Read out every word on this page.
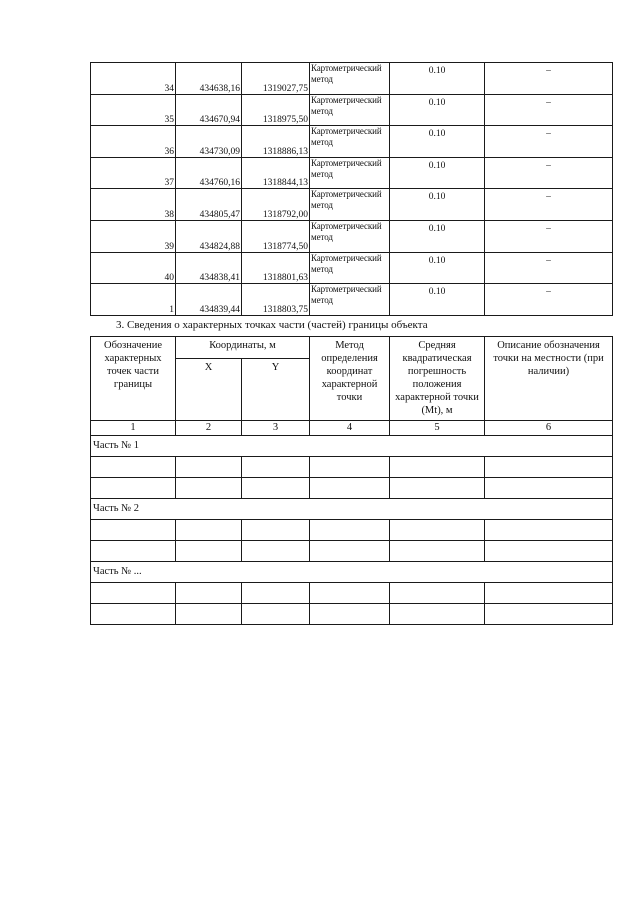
34	434638,16	1319027,75	Картометрический метод	0.10	–
35	434670,94	1318975,50	Картометрический метод	0.10	–
36	434730,09	1318886,13	Картометрический метод	0.10	–
37	434760,16	1318844,13	Картометрический метод	0.10	–
38	434805,47	1318792,00	Картометрический метод	0.10	–
39	434824,88	1318774,50	Картометрический метод	0.10	–
40	434838,41	1318801,63	Картометрический метод	0.10	–
1	434839,44	1318803,75	Картометрический метод	0.10	–
3. Сведения о характерных точках части (частей) границы объекта
Обозначение характерных точек части границы	Координаты, м		Метод определения координат характерной точки	Средняя квадратическая погрешность положения характерной точки (Mt), м	Описание обозначения точки на местности (при наличии)
	X	Y			
1	2	3	4	5	6
Часть № 1					

Часть № 2					

Часть № ...					
